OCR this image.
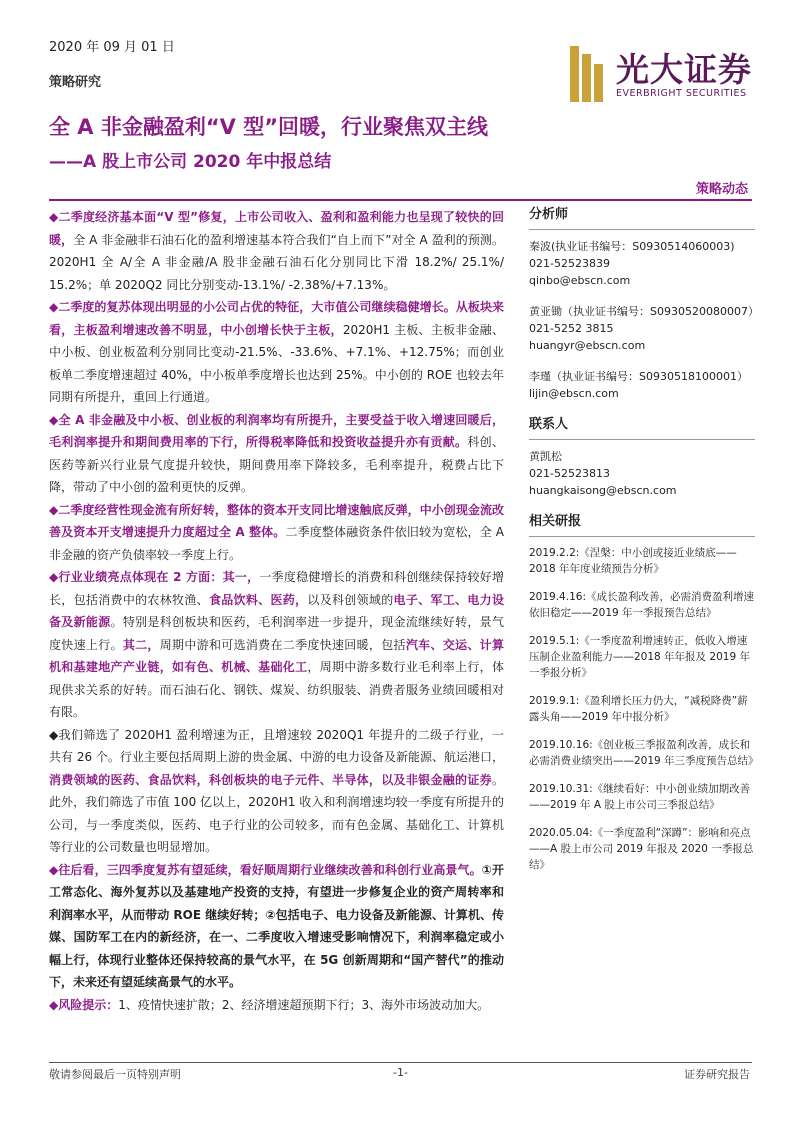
2020 年 09 月 01 日
策略研究	光大证券
EVERBRIGHT SECURITIES
全 A 非金融盈利“V 型”回暖，行业聚焦双主线
——A 股上市公司 2020 年中报总结
策略动态

◆二季度经济基本面“V 型”修复，上市公司收入、盈利和盈利能力也呈现了较快的回暖，全 A 非金融非石油石化的盈利增速基本符合我们“自上而下”对全 A 盈利的预测。2020H1 全 A/全 A 非金融/A 股非金融石油石化分别同比下滑 18.2%/ 25.1%/ 15.2%；单 2020Q2 同比分别变动-13.1%/ -2.38%/+7.13%。

◆二季度的复苏体现出明显的小公司占优的特征，大市值公司继续稳健增长。从板块来看，主板盈利增速改善不明显，中小创增长快于主板，2020H1 主板、主板非金融、中小板、创业板盈利分别同比变动-21.5%、-33.6%、+7.1%、+12.75%；而创业板单二季度增速超过 40%，中小板单季度增长也达到 25%。中小创的 ROE 也较去年同期有所提升，重回上行通道。

◆全 A 非金融及中小板、创业板的利润率均有所提升，主要受益于收入增速回暖后，毛利润率提升和期间费用率的下行，所得税率降低和投资收益提升亦有贡献。科创、医药等新兴行业景气度提升较快，期间费用率下降较多，毛利率提升，税费占比下降，带动了中小创的盈利更快的反弹。

◆二季度经营性现金流有所好转，整体的资本开支同比增速触底反弹，中小创现金流改善及资本开支增速提升力度超过全 A 整体。二季度整体融资条件依旧较为宽松，全 A 非金融的资产负债率较一季度上行。

◆行业业绩亮点体现在 2 方面：其一，一季度稳健增长的消费和科创继续保持较好增长，包括消费中的农林牧渔、食品饮料、医药，以及科创领域的电子、军工、电力设备及新能源。特别是科创板块和医药，毛利润率进一步提升，现金流继续好转，景气度快速上行。其二，周期中游和可选消费在二季度快速回暖，包括汽车、交运、计算机和基建地产产业链，如有色、机械、基础化工，周期中游多数行业毛利率上行，体现供求关系的好转。而石油石化、钢铁、煤炭、纺织服装、消费者服务业绩回暖相对有限。

◆我们筛选了 2020H1 盈利增速为正，且增速较 2020Q1 年提升的二级子行业，一共有 26 个。行业主要包括周期上游的贵金属、中游的电力设备及新能源、航运港口，消费领域的医药、食品饮料，科创板块的电子元件、半导体，以及非银金融的证券。此外，我们筛选了市值 100 亿以上，2020H1 收入和利润增速均较一季度有所提升的公司，与一季度类似，医药、电子行业的公司较多，而有色金属、基础化工、计算机等行业的公司数量也明显增加。

◆往后看，三四季度复苏有望延续，看好顺周期行业继续改善和科创行业高景气。①开工常态化、海外复苏以及基建地产投资的支持，有望进一步修复企业的资产周转率和利润率水平，从而带动 ROE 继续好转；②包括电子、电力设备及新能源、计算机、传媒、国防军工在内的新经济，在一、二季度收入增速受影响情况下，利润率稳定或小幅上行，体现行业整体还保持较高的景气水平，在 5G 创新周期和“国产替代”的推动下，未来还有望延续高景气的水平。

◆风险提示：1、疫情快速扩散；2、经济增速超预期下行；3、海外市场波动加大。

分析师
秦波(执业证书编号：S0930514060003)
021-52523839
qinbo@ebscn.com
黄亚锄（执业证书编号：S0930520080007）
021-5252 3815
huangyr@ebscn.com
李瑾（执业证书编号：S0930518100001）
lijin@ebscn.com
联系人
黄凯松
021-52523813
huangkaisong@ebscn.com
相关研报
2019.2.2:《涅槃：中小创或接近业绩底——2018 年年度业绩预告分析》
2019.4.16:《成长盈利改善，必需消费盈利增速依旧稳定——2019 年一季报预告总结》
2019.5.1:《一季度盈利增速转正，低收入增速压制企业盈利能力——2018 年年报及 2019 年一季报分析》
2019.9.1:《盈利增长压力仍大，“减税降费”薪露头角——2019 年中报分析》
2019.10.16:《创业板三季报盈利改善，成长和必需消费业绩突出——2019 年三季度预告总结》
2019.10.31:《继续看好：中小创业绩加期改善——2019 年 A 股上市公司三季报总结》
2020.05.04:《一季度盈利“深蹲”：影响和亮点——A 股上市公司 2019 年报及 2020 一季报总结》
敬请参阅最后一页特别声明	-1-	证券研究报告
